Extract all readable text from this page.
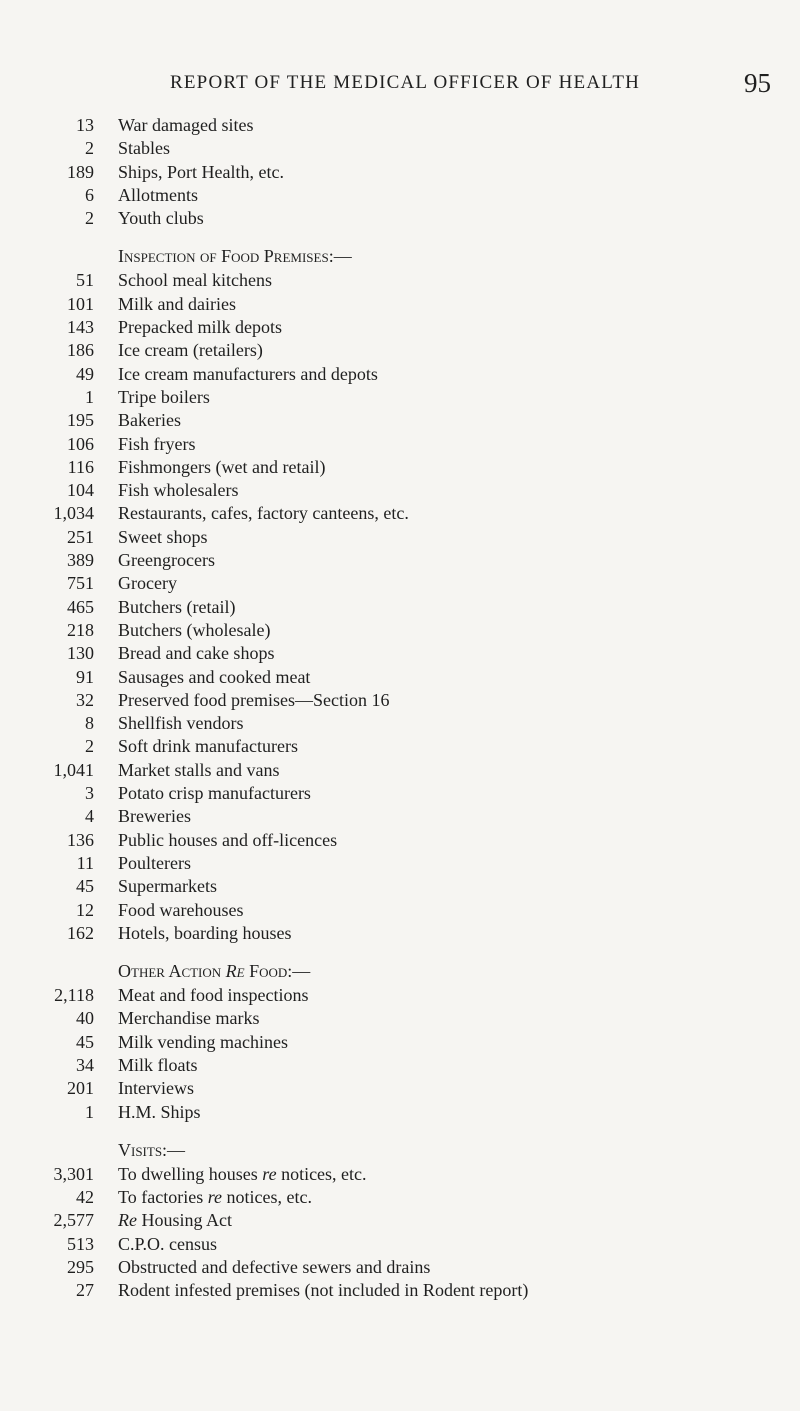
REPORT OF THE MEDICAL OFFICER OF HEALTH	95
13 War damaged sites
2 Stables
189 Ships, Port Health, etc.
6 Allotments
2 Youth clubs
Inspection of Food Premises:—
51 School meal kitchens
101 Milk and dairies
143 Prepacked milk depots
186 Ice cream (retailers)
49 Ice cream manufacturers and depots
1 Tripe boilers
195 Bakeries
106 Fish fryers
116 Fishmongers (wet and retail)
104 Fish wholesalers
1,034 Restaurants, cafes, factory canteens, etc.
251 Sweet shops
389 Greengrocers
751 Grocery
465 Butchers (retail)
218 Butchers (wholesale)
130 Bread and cake shops
91 Sausages and cooked meat
32 Preserved food premises—Section 16
8 Shellfish vendors
2 Soft drink manufacturers
1,041 Market stalls and vans
3 Potato crisp manufacturers
4 Breweries
136 Public houses and off-licences
11 Poulterers
45 Supermarkets
12 Food warehouses
162 Hotels, boarding houses
Other Action Re Food:—
2,118 Meat and food inspections
40 Merchandise marks
45 Milk vending machines
34 Milk floats
201 Interviews
1 H.M. Ships
Visits:—
3,301 To dwelling houses re notices, etc.
42 To factories re notices, etc.
2,577 Re Housing Act
513 C.P.O. census
295 Obstructed and defective sewers and drains
27 Rodent infested premises (not included in Rodent report)
